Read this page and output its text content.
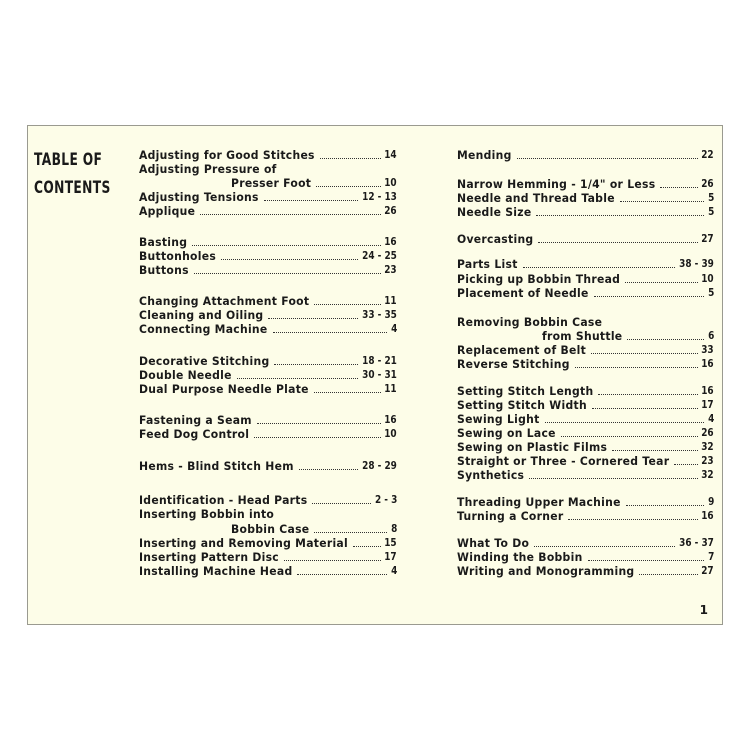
TABLE OF
CONTENTS
Adjusting for Good Stitches	14
Adjusting Pressure of
Presser Foot	10
Adjusting Tensions	12 - 13
Applique	26
Basting	16
Buttonholes	24 - 25
Buttons	23
Changing Attachment Foot	11
Cleaning and Oiling	33 - 35
Connecting Machine	4
Decorative Stitching	18 - 21
Double Needle	30 - 31
Dual Purpose Needle Plate	11
Fastening a Seam	16
Feed Dog Control	10
Hems - Blind Stitch Hem	28 - 29
Identification - Head Parts	2 - 3
Inserting Bobbin into
Bobbin Case	8
Inserting and Removing Material	15
Inserting Pattern Disc	17
Installing Machine Head	4
Mending	22
Narrow Hemming - 1/4" or Less	26
Needle and Thread Table	5
Needle Size	5
Overcasting	27
Parts List	38 - 39
Picking up Bobbin Thread	10
Placement of Needle	5
Removing Bobbin Case
from Shuttle	6
Replacement of Belt	33
Reverse Stitching	16
Setting Stitch Length	16
Setting Stitch Width	17
Sewing Light	4
Sewing on Lace	26
Sewing on Plastic Films	32
Straight or Three - Cornered Tear	23
Synthetics	32
Threading Upper Machine	9
Turning a Corner	16
What To Do	36 - 37
Winding the Bobbin	7
Writing and Monogramming	27
1
